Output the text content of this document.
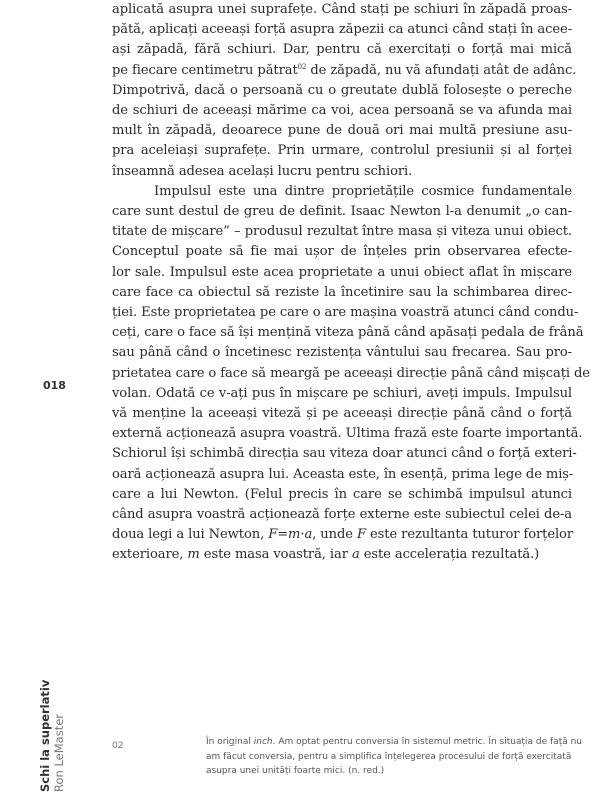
aplicată asupra unei suprafețe. Când stați pe schiuri în zăpadă proas-
pătă, aplicați aceeași forță asupra zăpezii ca atunci când stați în acee-
ași zăpadă, fără schiuri. Dar, pentru că exercitați o forță mai mică
pe fiecare centimetru pătrat$^{02}$ de zăpadă, nu vă afundați atât de adânc.
Dimpotrivă, dacă o persoană cu o greutate dublă folosește o pereche
de schiuri de aceeași mărime ca voi, acea persoană se va afunda mai
mult în zăpadă, deoarece pune de două ori mai multă presiune asu-
pra aceleiași suprafețe. Prin urmare, controlul presiunii și al forței
înseamnă adesea același lucru pentru schiori.

Impulsul este una dintre proprietățile cosmice fundamentale
care sunt destul de greu de definit. Isaac Newton l-a denumit „o can-
titate de mișcare” – produsul rezultat între masa și viteza unui obiect.
Conceptul poate să fie mai ușor de înțeles prin observarea efecte-
lor sale. Impulsul este acea proprietate a unui obiect aflat în mișcare
care face ca obiectul să reziste la încetinire sau la schimbarea direc-
ției. Este proprietatea pe care o are mașina voastră atunci când condu-
ceți, care o face să își mențină viteza până când apăsați pedala de frână
sau până când o încetinesc rezistența vântului sau frecarea. Sau pro-
prietatea care o face să meargă pe aceeași direcție până când mișcați de
volan. Odată ce v-ați pus în mișcare pe schiuri, aveți impuls. Impulsul
vă menține la aceeași viteză și pe aceeași direcție până când o forță
externă acționează asupra voastră. Ultima frază este foarte importantă.
Schiorul își schimbă direcția sau viteza doar atunci când o forță exteri-
oară acționează asupra lui. Aceasta este, în esență, prima lege de miș-
care a lui Newton. (Felul precis în care se schimbă impulsul atunci
când asupra voastră acționează forțe externe este subiectul celei de-a
doua legi a lui Newton, F=m·a, unde F este rezultanta tuturor forțelor
exterioare, m este masa voastră, iar a este accelerația rezultată.)

018
Schi la superlativ Ron LeMaster	02	În original inch. Am optat pentru conversia în sistemul metric. În situația de față nu
am făcut conversia, pentru a simplifica înțelegerea procesului de forță exercitată
asupra unei unități foarte mici. (n. red.)
